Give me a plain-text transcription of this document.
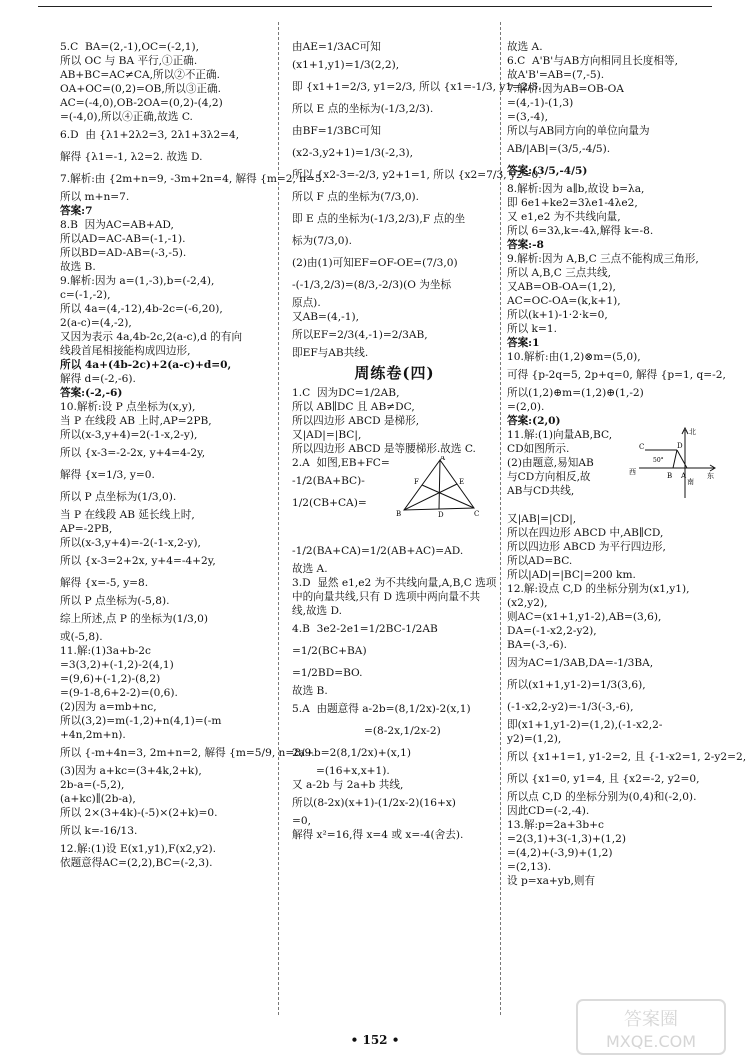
5.C  BA=(2,-1),OC=(-2,1),
所以 OC 与 BA 平行,①正确.
AB+BC=AC≠CA,所以②不正确.
OA+OC=(0,2)=OB,所以③正确.
AC=(-4,0),OB-2OA=(0,2)-(4,2)
=(-4,0),所以④正确,故选 C.
6.D  由 {λ1+2λ2=3, 2λ1+3λ2=4,
解得 {λ1=-1, λ2=2. 故选 D.
7.解析:由 {2m+n=9, -3m+2n=4, 解得 {m=2, n=5.
所以 m+n=7.
答案:7
8.B  因为AC=AB+AD,
所以AD=AC-AB=(-1,-1).
所以BD=AD-AB=(-3,-5).
故选 B.
9.解析:因为 a=(1,-3),b=(-2,4),
c=(-1,-2),
所以 4a=(4,-12),4b-2c=(-6,20),
2(a-c)=(4,-2),
又因为表示 4a,4b-2c,2(a-c),d 的有向
线段首尾相接能构成四边形,
所以 4a+(4b-2c)+2(a-c)+d=0,
解得 d=(-2,-6).
答案:(-2,-6)
10.解析:设 P 点坐标为(x,y),
当 P 在线段 AB 上时,AP=2PB,
所以(x-3,y+4)=2(-1-x,2-y),
所以 {x-3=-2-2x, y+4=4-2y,
解得 {x=1/3, y=0.
所以 P 点坐标为(1/3,0).
当 P 在线段 AB 延长线上时,
AP=-2PB,
所以(x-3,y+4)=-2(-1-x,2-y),
所以 {x-3=2+2x, y+4=-4+2y,
解得 {x=-5, y=8.
所以 P 点坐标为(-5,8).
综上所述,点 P 的坐标为(1/3,0)
或(-5,8).
11.解:(1)3a+b-2c
=3(3,2)+(-1,2)-2(4,1)
=(9,6)+(-1,2)-(8,2)
=(9-1-8,6+2-2)=(0,6).
(2)因为 a=mb+nc,
所以(3,2)=m(-1,2)+n(4,1)=(-m
+4n,2m+n).
所以 {-m+4n=3, 2m+n=2, 解得 {m=5/9, n=8/9.
(3)因为 a+kc=(3+4k,2+k),
2b-a=(-5,2),
(a+kc)∥(2b-a),
所以 2×(3+4k)-(-5)×(2+k)=0.
所以 k=-16/13.
12.解:(1)设 E(x1,y1),F(x2,y2).
依题意得AC=(2,2),BC=(-2,3).
由AE=1/3AC可知
(x1+1,y1)=1/3(2,2),
即 {x1+1=2/3, y1=2/3, 所以 {x1=-1/3, y1=2/3.
所以 E 点的坐标为(-1/3,2/3).
由BF=1/3BC可知
(x2-3,y2+1)=1/3(-2,3),
所以 {x2-3=-2/3, y2+1=1, 所以 {x2=7/3, y2=0.
所以 F 点的坐标为(7/3,0).
即 E 点的坐标为(-1/3,2/3),F 点的坐
标为(7/3,0).
(2)由(1)可知EF=OF-OE=(7/3,0)
-(-1/3,2/3)=(8/3,-2/3)(O 为坐标
原点).
又AB=(4,-1),
所以EF=2/3(4,-1)=2/3AB,
即EF与AB共线.
周练卷(四)
1.C  因为DC=1/2AB,
所以 AB∥DC 且 AB≠DC,
所以四边形 ABCD 是梯形,
又|AD|=|BC|,
所以四边形 ABCD 是等腰梯形.故选 C.
2.A  如图,EB+FC=
-1/2(BA+BC)-
1/2(CB+CA)=
A
B	C
D
E
F
-1/2(BA+CA)=1/2(AB+AC)=AD.
故选 A.
3.D  显然 e1,e2 为不共线向量,A,B,C 选项
中的向量共线,只有 D 选项中两向量不共
线,故选 D.
4.B  3e2-2e1=1/2BC-1/2AB
=1/2(BC+BA)
=1/2BD=BO.
故选 B.
5.A  由题意得 a-2b=(8,1/2x)-2(x,1)
=(8-2x,1/2x-2)
2a+b=2(8,1/2x)+(x,1)
=(16+x,x+1).
又 a-2b 与 2a+b 共线,
所以(8-2x)(x+1)-(1/2x-2)(16+x)
=0,
解得 x²=16,得 x=4 或 x=-4(舍去).
故选 A.
6.C  A'B'与AB方向相同且长度相等,
故A'B'=AB=(7,-5).
7.解析:因为AB=OB-OA
=(4,-1)-(1,3)
=(3,-4),
所以与AB同方向的单位向量为
AB/|AB|=(3/5,-4/5).
答案:(3/5,-4/5)
8.解析:因为 a∥b,故设 b=λa,
即 6e1+ke2=3λe1-4λe2,
又 e1,e2 为不共线向量,
所以 6=3λ,k=-4λ,解得 k=-8.
答案:-8
9.解析:因为 A,B,C 三点不能构成三角形,
所以 A,B,C 三点共线,
又AB=OB-OA=(1,2),
AC=OC-OA=(k,k+1),
所以(k+1)-1·2·k=0,
所以 k=1.
答案:1
10.解析:由(1,2)⊗m=(5,0),
可得 {p-2q=5, 2p+q=0, 解得 {p=1, q=-2,
所以(1,2)⊕m=(1,2)⊕(1,-2)
=(2,0).
答案:(2,0)
11.解:(1)向量AB,BC,
CD如图所示.
(2)由题意,易知AB
与CD方向相反,故
AB与CD共线,
北
东
南
西	A
B
C	D
50°
又|AB|=|CD|,
所以在四边形 ABCD 中,AB∥CD,
所以四边形 ABCD 为平行四边形,
所以AD=BC.
所以|AD|=|BC|=200 km.
12.解:设点 C,D 的坐标分别为(x1,y1),
(x2,y2),
则AC=(x1+1,y1-2),AB=(3,6),
DA=(-1-x2,2-y2),
BA=(-3,-6).
因为AC=1/3AB,DA=-1/3BA,
所以(x1+1,y1-2)=1/3(3,6),
(-1-x2,2-y2)=-1/3(-3,-6),
即(x1+1,y1-2)=(1,2),(-1-x2,2-
y2)=(1,2),
所以 {x1+1=1, y1-2=2, 且 {-1-x2=1, 2-y2=2,
所以 {x1=0, y1=4, 且 {x2=-2, y2=0,
所以点 C,D 的坐标分别为(0,4)和(-2,0).
因此CD=(-2,-4).
13.解:p=2a+3b+c
=2(3,1)+3(-1,3)+(1,2)
=(4,2)+(-3,9)+(1,2)
=(2,13).
设 p=xa+yb,则有
• 152 •
答案圈
MXQE.COM
